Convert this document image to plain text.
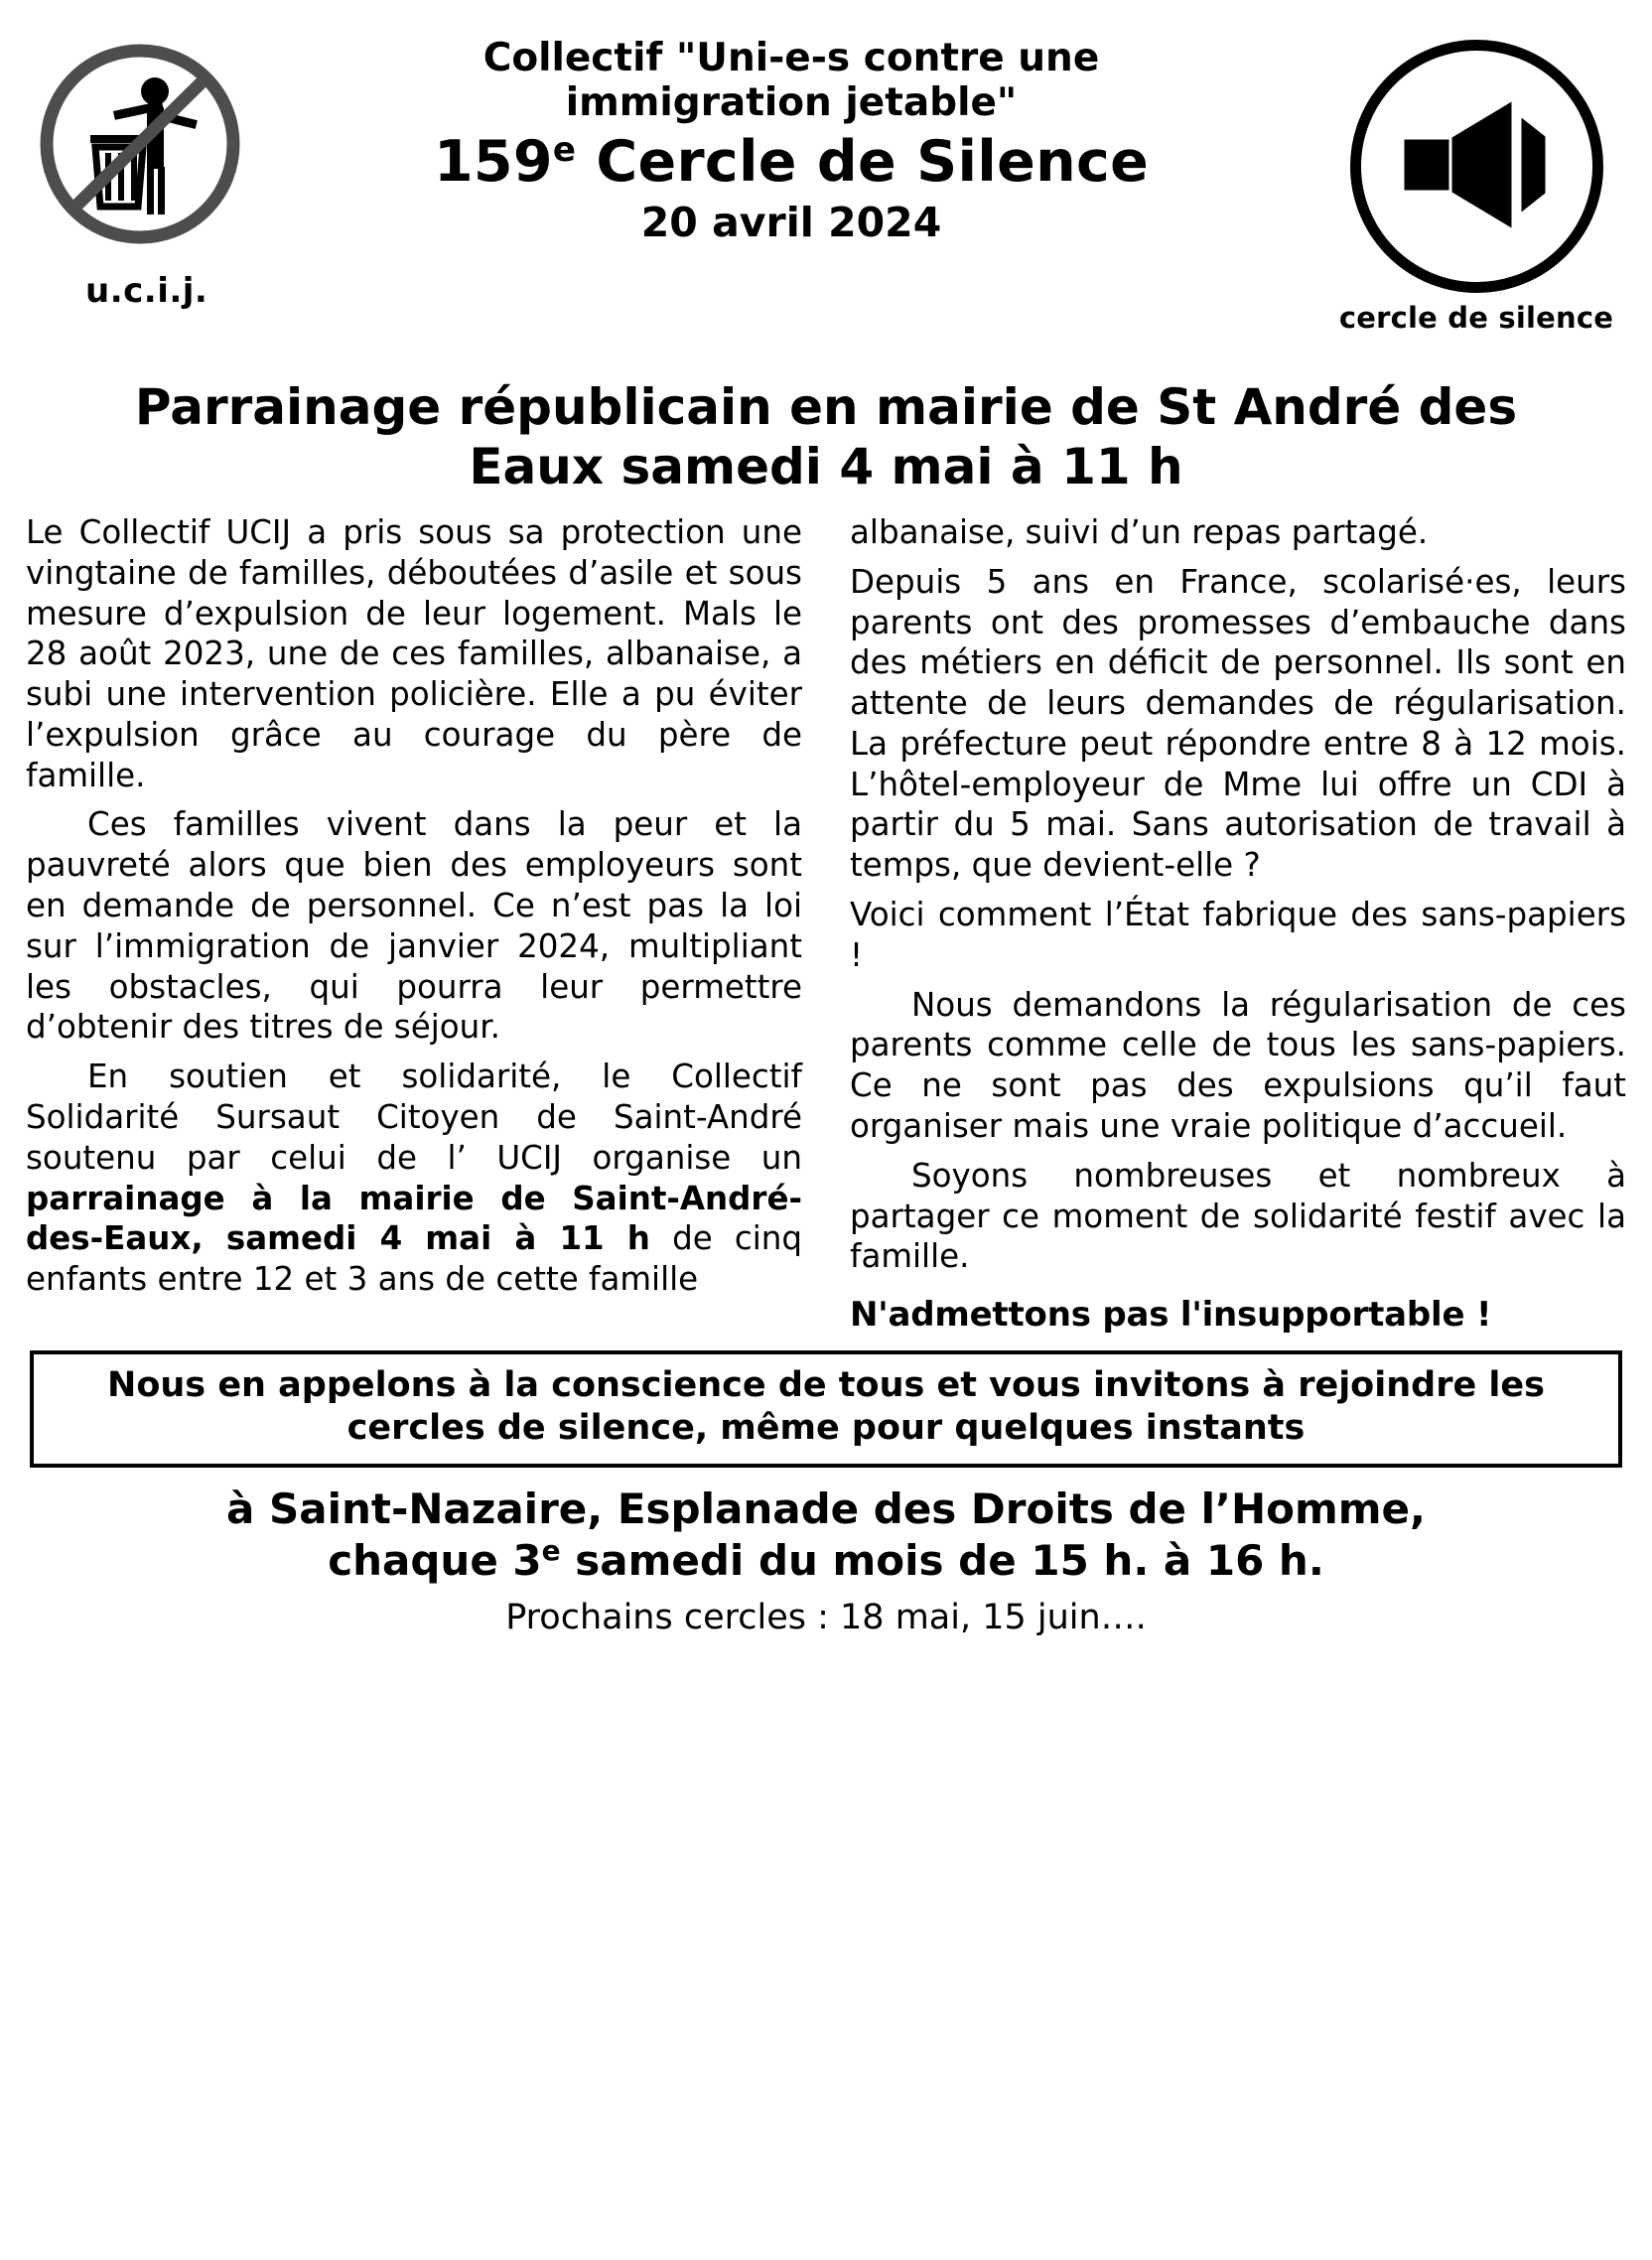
Collectif "Uni-e-s contre une
immigration jetable"
159e Cercle de Silence
20 avril 2024
cercle de silence
u.c.i.j.
Parrainage républicain en mairie de St André des
Eaux samedi 4 mai à 11 h

Le Collectif UCIJ a pris sous sa protection une vingtaine de familles, déboutées d’asile et sous mesure d’expulsion de leur logement. Mals le 28 août 2023, une de ces familles, albanaise, a subi une intervention policière. Elle a pu éviter l’expulsion grâce au courage du père de famille.

Ces familles vivent dans la peur et la pauvreté alors que bien des employeurs sont en demande de personnel. Ce n’est pas la loi sur l’immigration de janvier 2024, multipliant les obstacles, qui pourra leur permettre d’obtenir des titres de séjour.

En soutien et solidarité, le Collectif Solidarité Sursaut Citoyen de Saint-André soutenu par celui de l’ UCIJ organise un parrainage à la mairie de Saint-André-des-Eaux, samedi 4 mai à 11 h de cinq enfants entre 12 et 3 ans de cette famille

albanaise, suivi d’un repas partagé.

Depuis 5 ans en France, scolarisé·es, leurs parents ont des promesses d’embauche dans des métiers en déficit de personnel. Ils sont en attente de leurs demandes de régularisation. La préfecture peut répondre entre 8 à 12 mois. L’hôtel-employeur de Mme lui offre un CDI à partir du 5 mai. Sans autorisation de travail à temps, que devient-elle ?

Voici comment l’État fabrique des sans-papiers !

Nous demandons la régularisation de ces parents comme celle de tous les sans-papiers. Ce ne sont pas des expulsions qu’il faut organiser mais une vraie politique d’accueil.

Soyons nombreuses et nombreux à partager ce moment de solidarité festif avec la famille.

N'admettons pas l'insupportable !
Nous en appelons à la conscience de tous et vous invitons à rejoindre les
cercles de silence, même pour quelques instants
à Saint-Nazaire, Esplanade des Droits de l’Homme,
chaque 3e samedi du mois de 15 h. à 16 h.
Prochains cercles : 18 mai, 15 juin….
